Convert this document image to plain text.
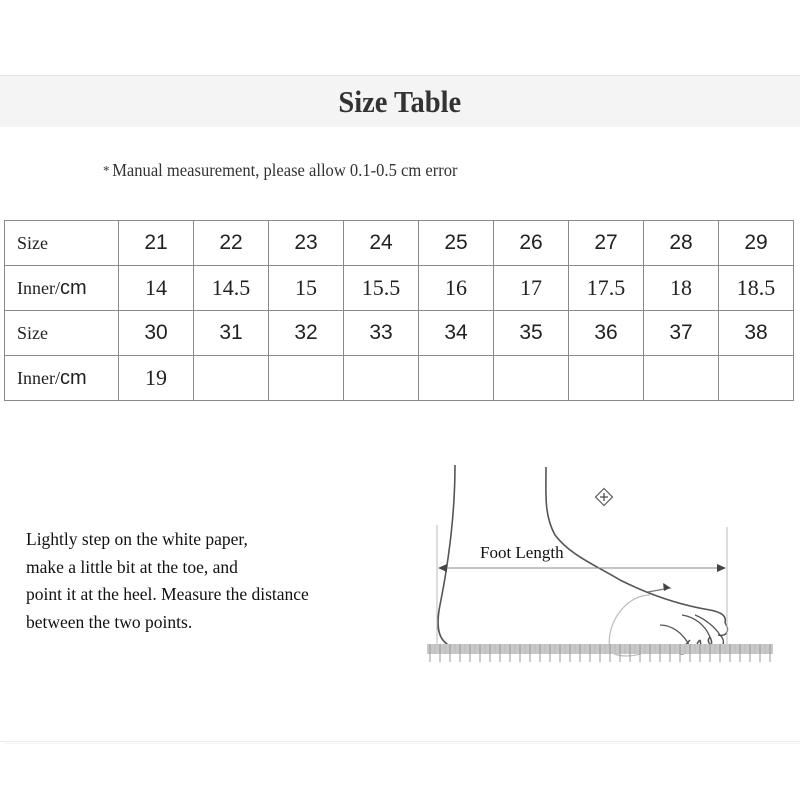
Size Table
* Manual measurement, please allow 0.1-0.5 cm error
Size	21	22	23	24	25	26	27	28	29
Inner/cm	14	14.5	15	15.5	16	17	17.5	18	18.5
Size	30	31	32	33	34	35	36	37	38
Inner/cm	19								
Lightly step on the white paper,
make a little bit at the toe, and
point it at the heel. Measure the distance
between the two points.
Foot Length
